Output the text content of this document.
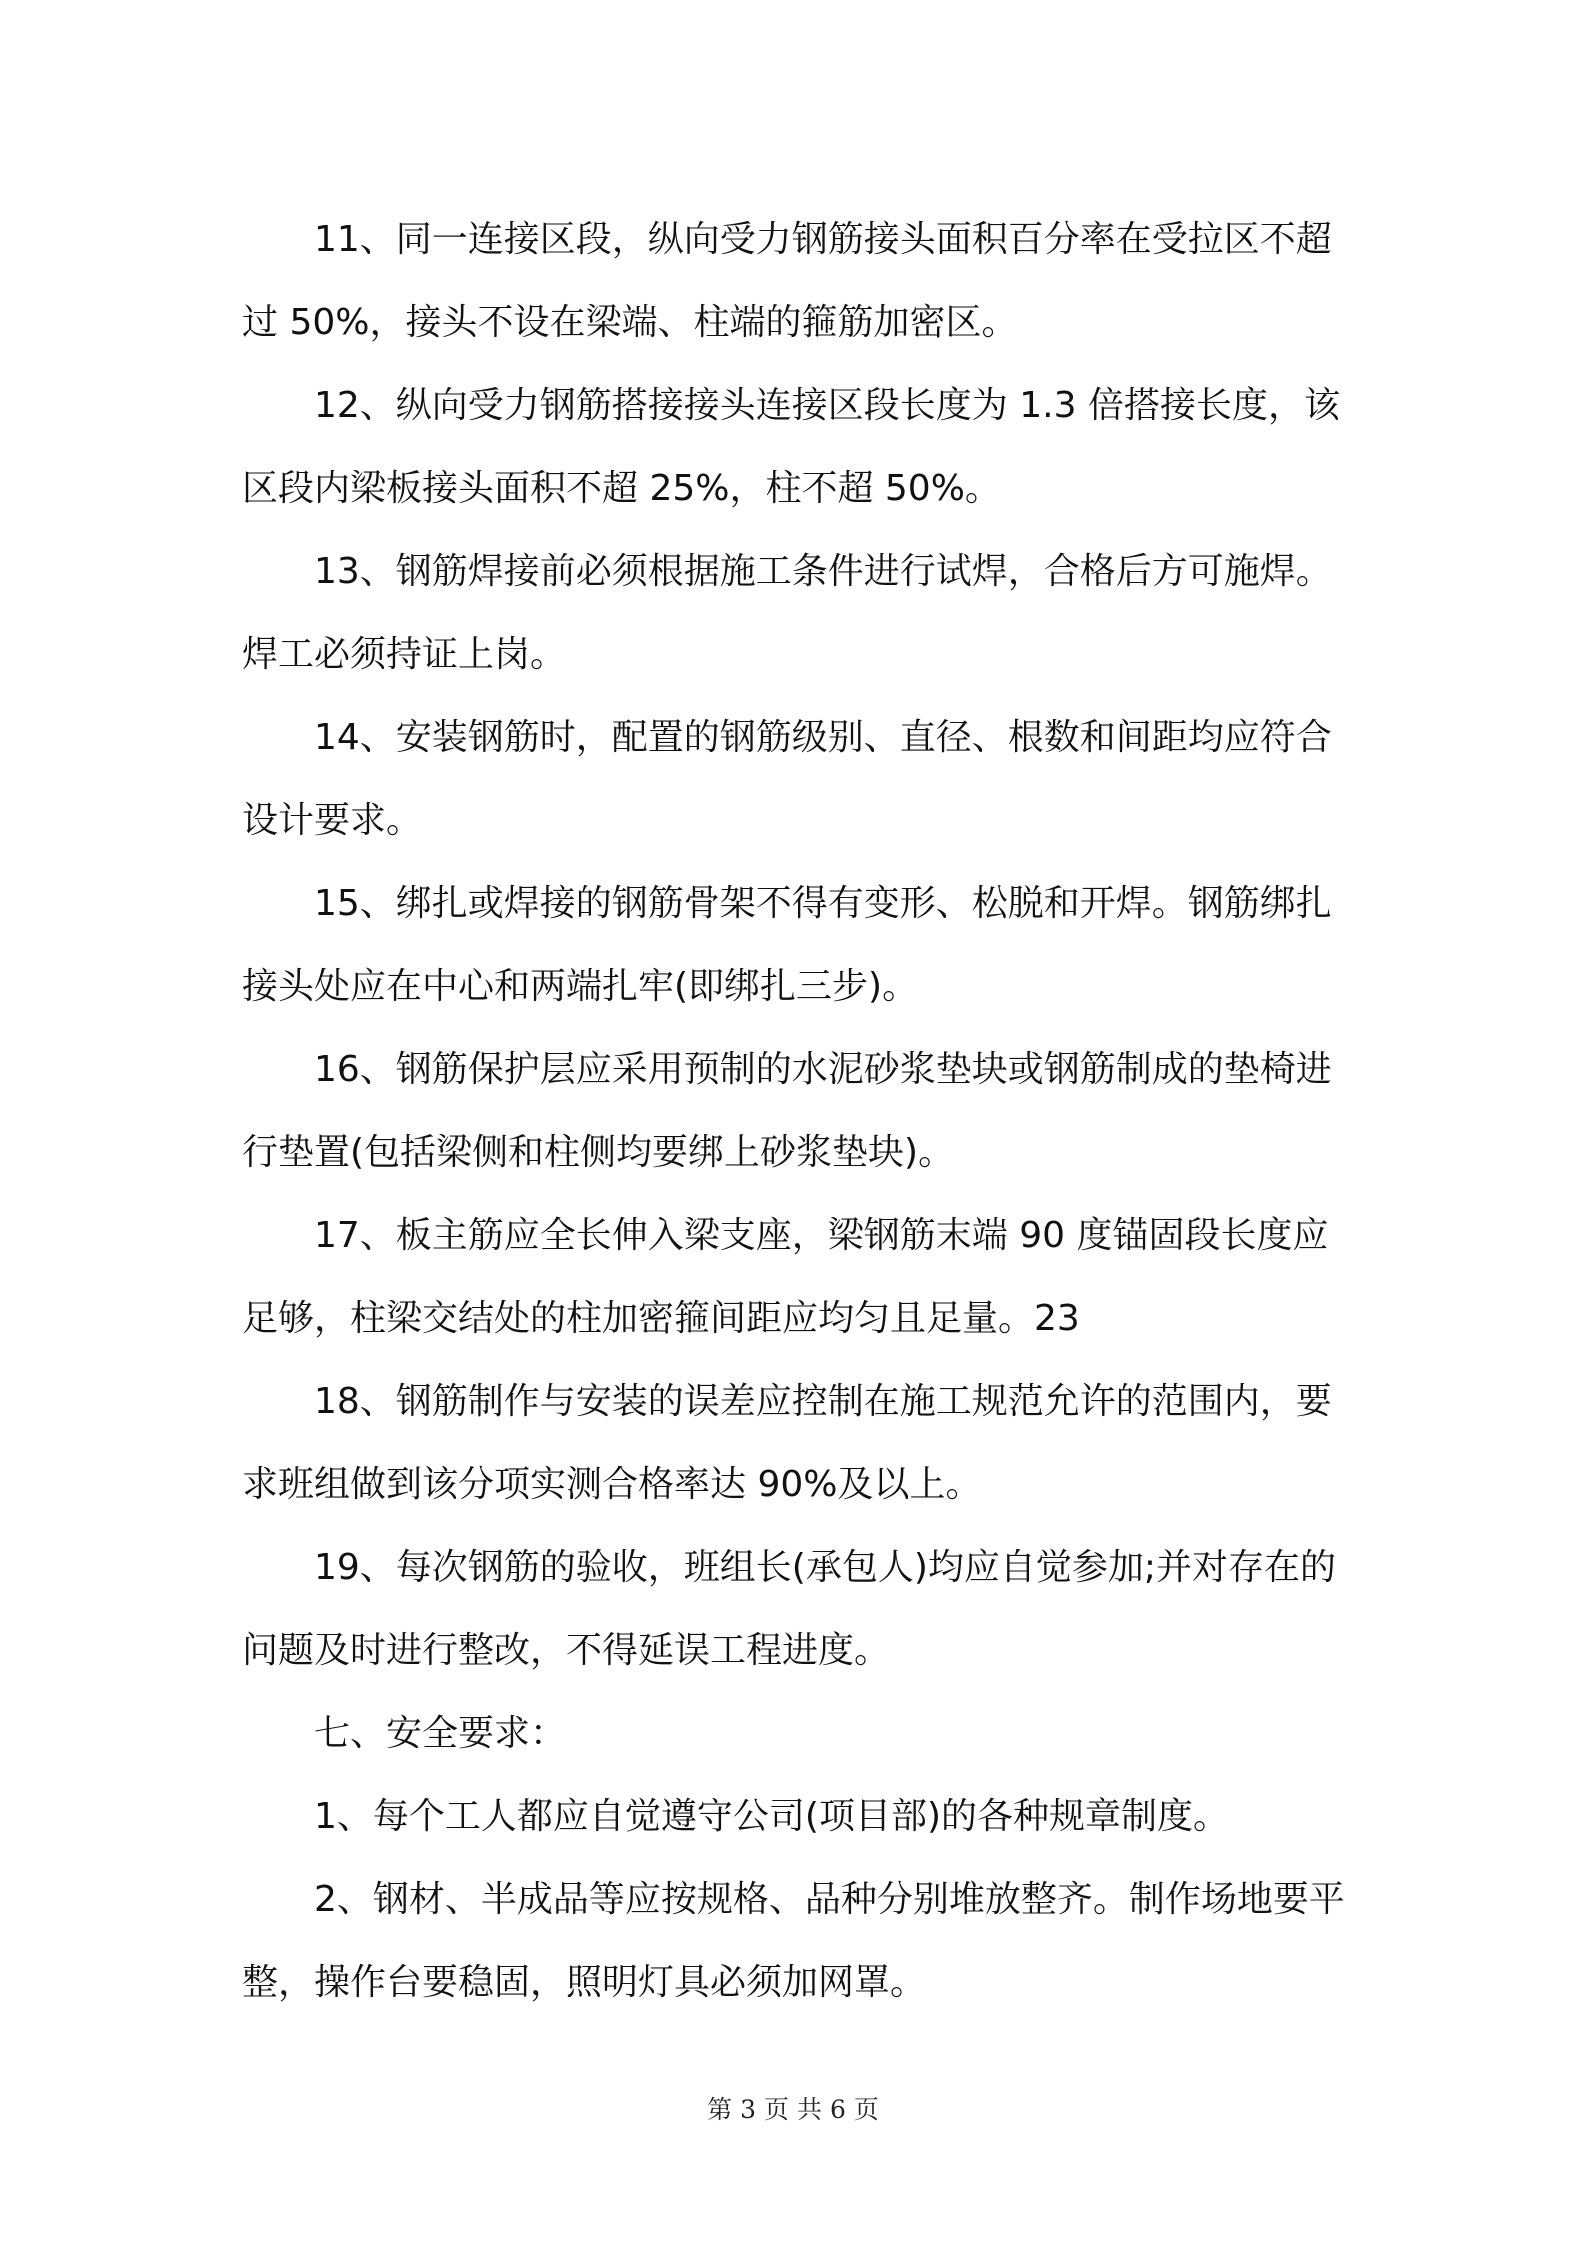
11、同一连接区段，纵向受力钢筋接头面积百分率在受拉区不超过 50%，接头不设在梁端、柱端的箍筋加密区。

12、纵向受力钢筋搭接接头连接区段长度为 1.3 倍搭接长度，该区段内梁板接头面积不超 25%，柱不超 50%。

13、钢筋焊接前必须根据施工条件进行试焊，合格后方可施焊。焊工必须持证上岗。

14、安装钢筋时，配置的钢筋级别、直径、根数和间距均应符合设计要求。

15、绑扎或焊接的钢筋骨架不得有变形、松脱和开焊。钢筋绑扎接头处应在中心和两端扎牢(即绑扎三步)。

16、钢筋保护层应采用预制的水泥砂浆垫块或钢筋制成的垫椅进行垫置(包括梁侧和柱侧均要绑上砂浆垫块)。

17、板主筋应全长伸入梁支座，梁钢筋末端 90 度锚固段长度应足够，柱梁交结处的柱加密箍间距应均匀且足量。23

18、钢筋制作与安装的误差应控制在施工规范允许的范围内，要求班组做到该分项实测合格率达 90%及以上。

19、每次钢筋的验收，班组长(承包人)均应自觉参加;并对存在的问题及时进行整改，不得延误工程进度。

七、安全要求：

1、每个工人都应自觉遵守公司(项目部)的各种规章制度。

2、钢材、半成品等应按规格、品种分别堆放整齐。制作场地要平整，操作台要稳固，照明灯具必须加网罩。

第 3 页 共 6 页
